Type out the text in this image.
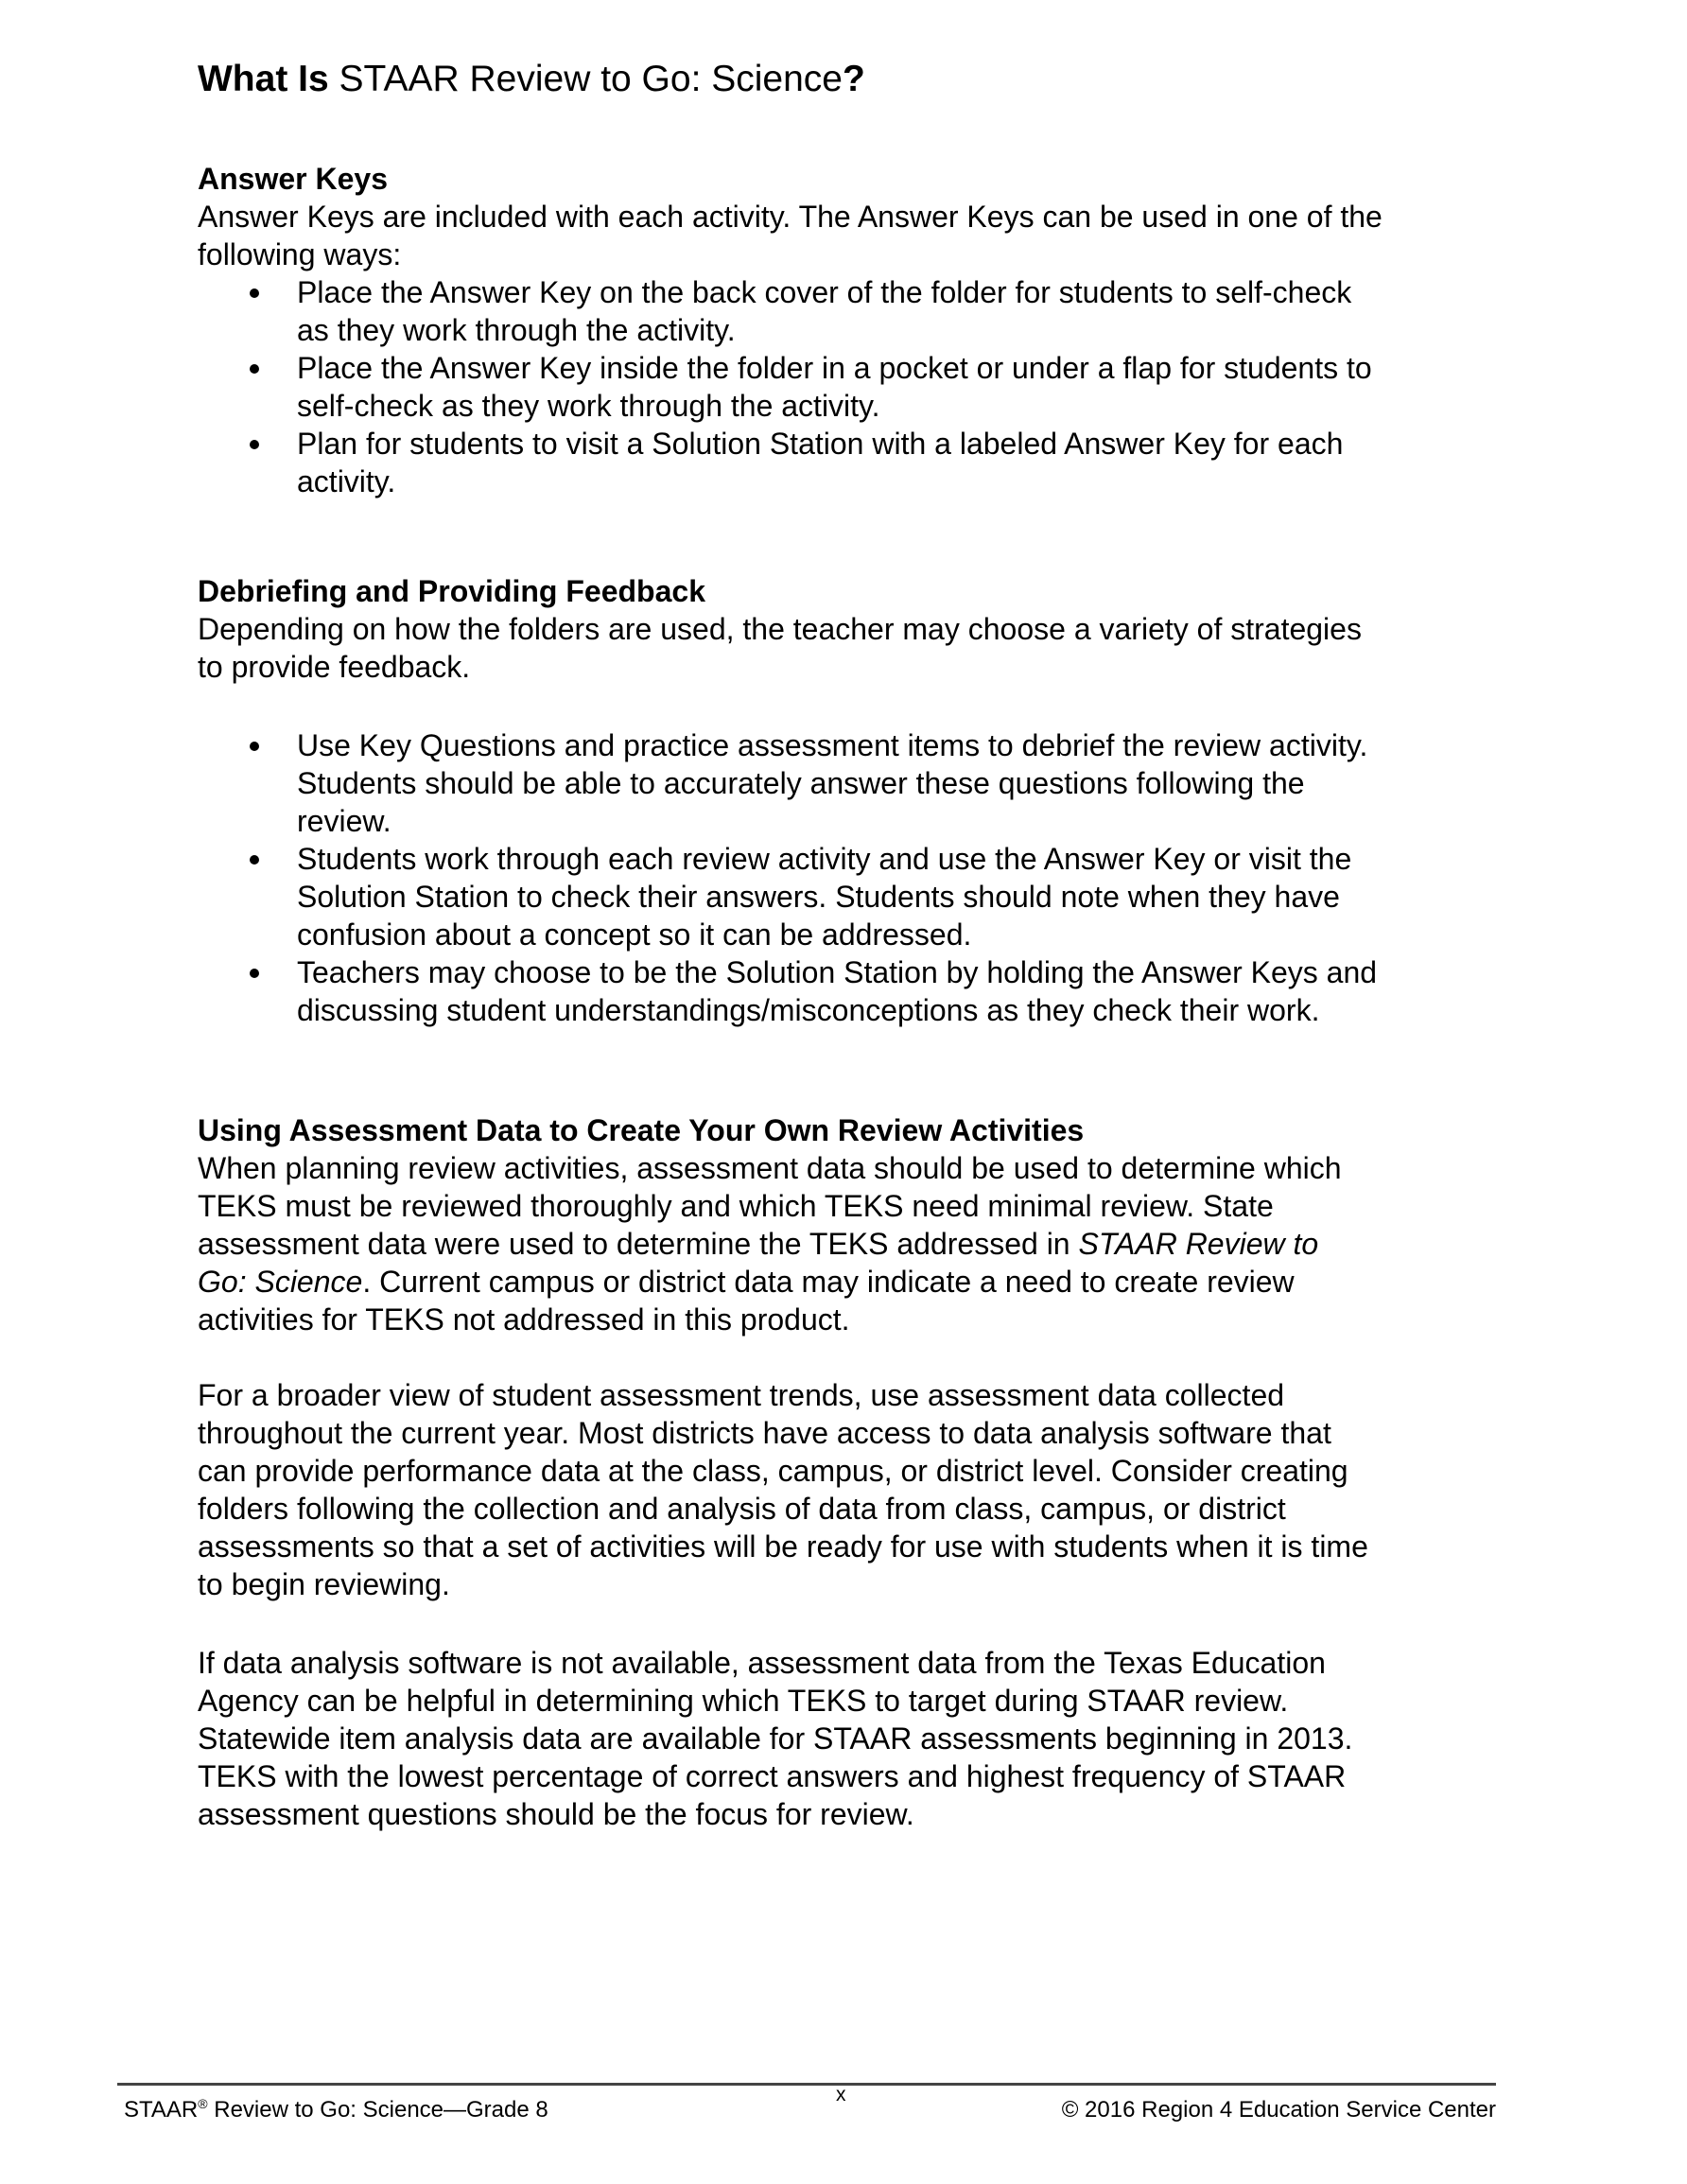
What Is STAAR Review to Go: Science?
Answer Keys
Answer Keys are included with each activity. The Answer Keys can be used in one of the
following ways:
Place the Answer Key on the back cover of the folder for students to self-check
as they work through the activity.
Place the Answer Key inside the folder in a pocket or under a flap for students to
self-check as they work through the activity.
Plan for students to visit a Solution Station with a labeled Answer Key for each
activity.
Debriefing and Providing Feedback
Depending on how the folders are used, the teacher may choose a variety of strategies
to provide feedback.
Use Key Questions and practice assessment items to debrief the review activity.
Students should be able to accurately answer these questions following the
review.
Students work through each review activity and use the Answer Key or visit the
Solution Station to check their answers. Students should note when they have
confusion about a concept so it can be addressed.
Teachers may choose to be the Solution Station by holding the Answer Keys and
discussing student understandings/misconceptions as they check their work.
Using Assessment Data to Create Your Own Review Activities
When planning review activities, assessment data should be used to determine which
TEKS must be reviewed thoroughly and which TEKS need minimal review. State
assessment data were used to determine the TEKS addressed in STAAR Review to
Go: Science. Current campus or district data may indicate a need to create review
activities for TEKS not addressed in this product.
For a broader view of student assessment trends, use assessment data collected
throughout the current year. Most districts have access to data analysis software that
can provide performance data at the class, campus, or district level. Consider creating
folders following the collection and analysis of data from class, campus, or district
assessments so that a set of activities will be ready for use with students when it is time
to begin reviewing.
If data analysis software is not available, assessment data from the Texas Education
Agency can be helpful in determining which TEKS to target during STAAR review.
Statewide item analysis data are available for STAAR assessments beginning in 2013.
TEKS with the lowest percentage of correct answers and highest frequency of STAAR
assessment questions should be the focus for review.
STAAR® Review to Go: Science—Grade 8
x
© 2016 Region 4 Education Service Center
